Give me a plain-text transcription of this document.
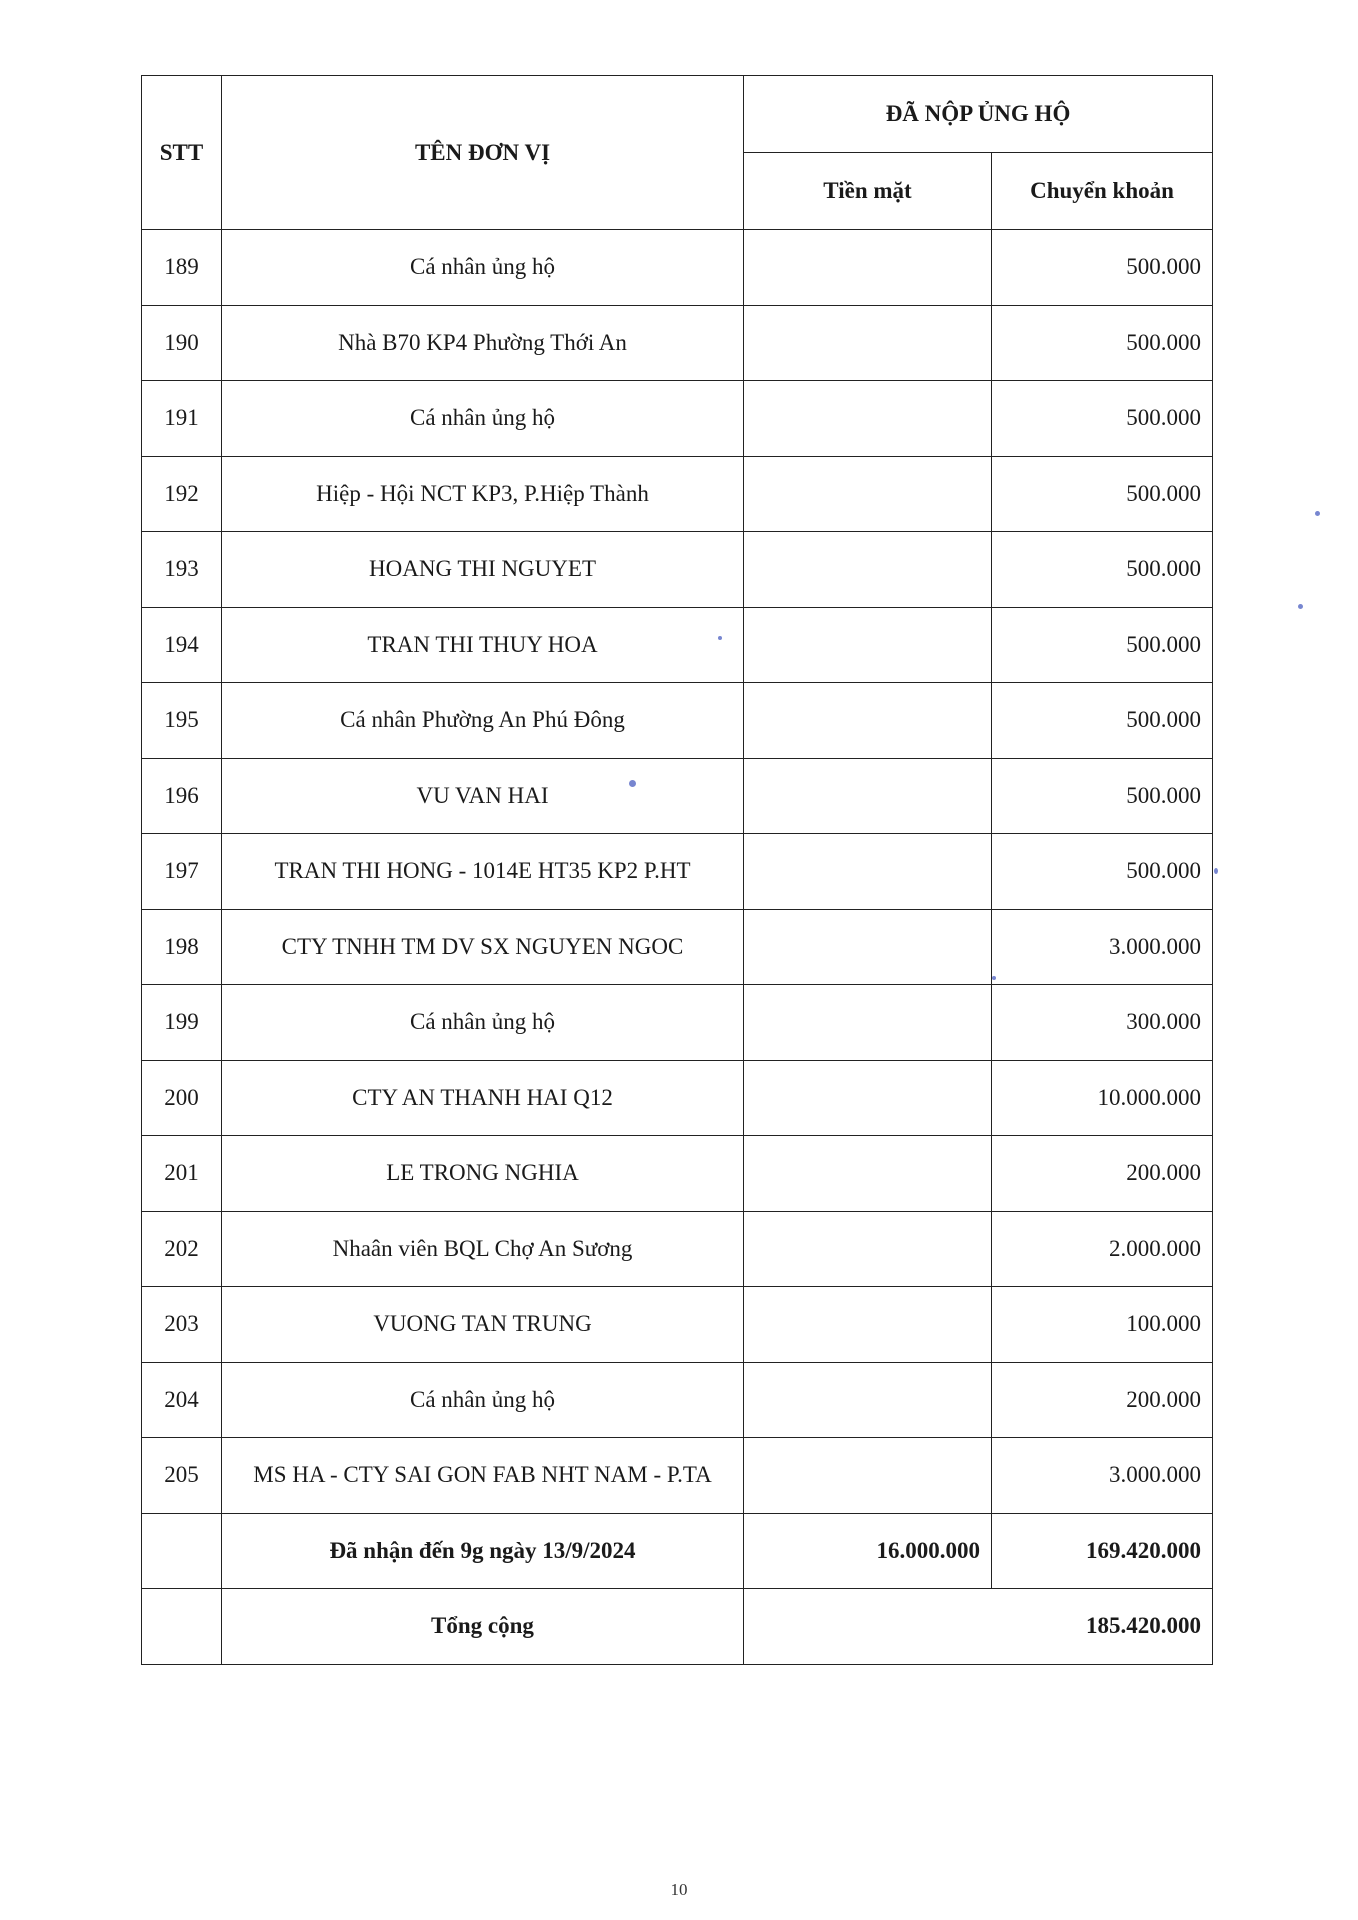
STT	TÊN ĐƠN VỊ	ĐÃ NỘP ỦNG HỘ	
		Tiền mặt	Chuyển khoản
189	Cá nhân ủng hộ		500.000
190	Nhà B70 KP4 Phường Thới An		500.000
191	Cá nhân ủng hộ		500.000
192	Hiệp - Hội NCT KP3, P.Hiệp Thành		500.000
193	HOANG THI NGUYET		500.000
194	TRAN THI THUY HOA		500.000
195	Cá nhân Phường An Phú Đông		500.000
196	VU VAN HAI		500.000
197	TRAN THI HONG - 1014E HT35 KP2 P.HT		500.000
198	CTY TNHH TM DV SX NGUYEN NGOC		3.000.000
199	Cá nhân ủng hộ		300.000
200	CTY AN THANH HAI Q12		10.000.000
201	LE TRONG NGHIA		200.000
202	Nhaân viên BQL Chợ An Sương		2.000.000
203	VUONG TAN TRUNG		100.000
204	Cá nhân ủng hộ		200.000
205	MS HA - CTY SAI GON FAB NHT NAM - P.TA		3.000.000
	Đã nhận đến 9g ngày 13/9/2024	16.000.000	169.420.000
	Tổng cộng	185.420.000	
10
